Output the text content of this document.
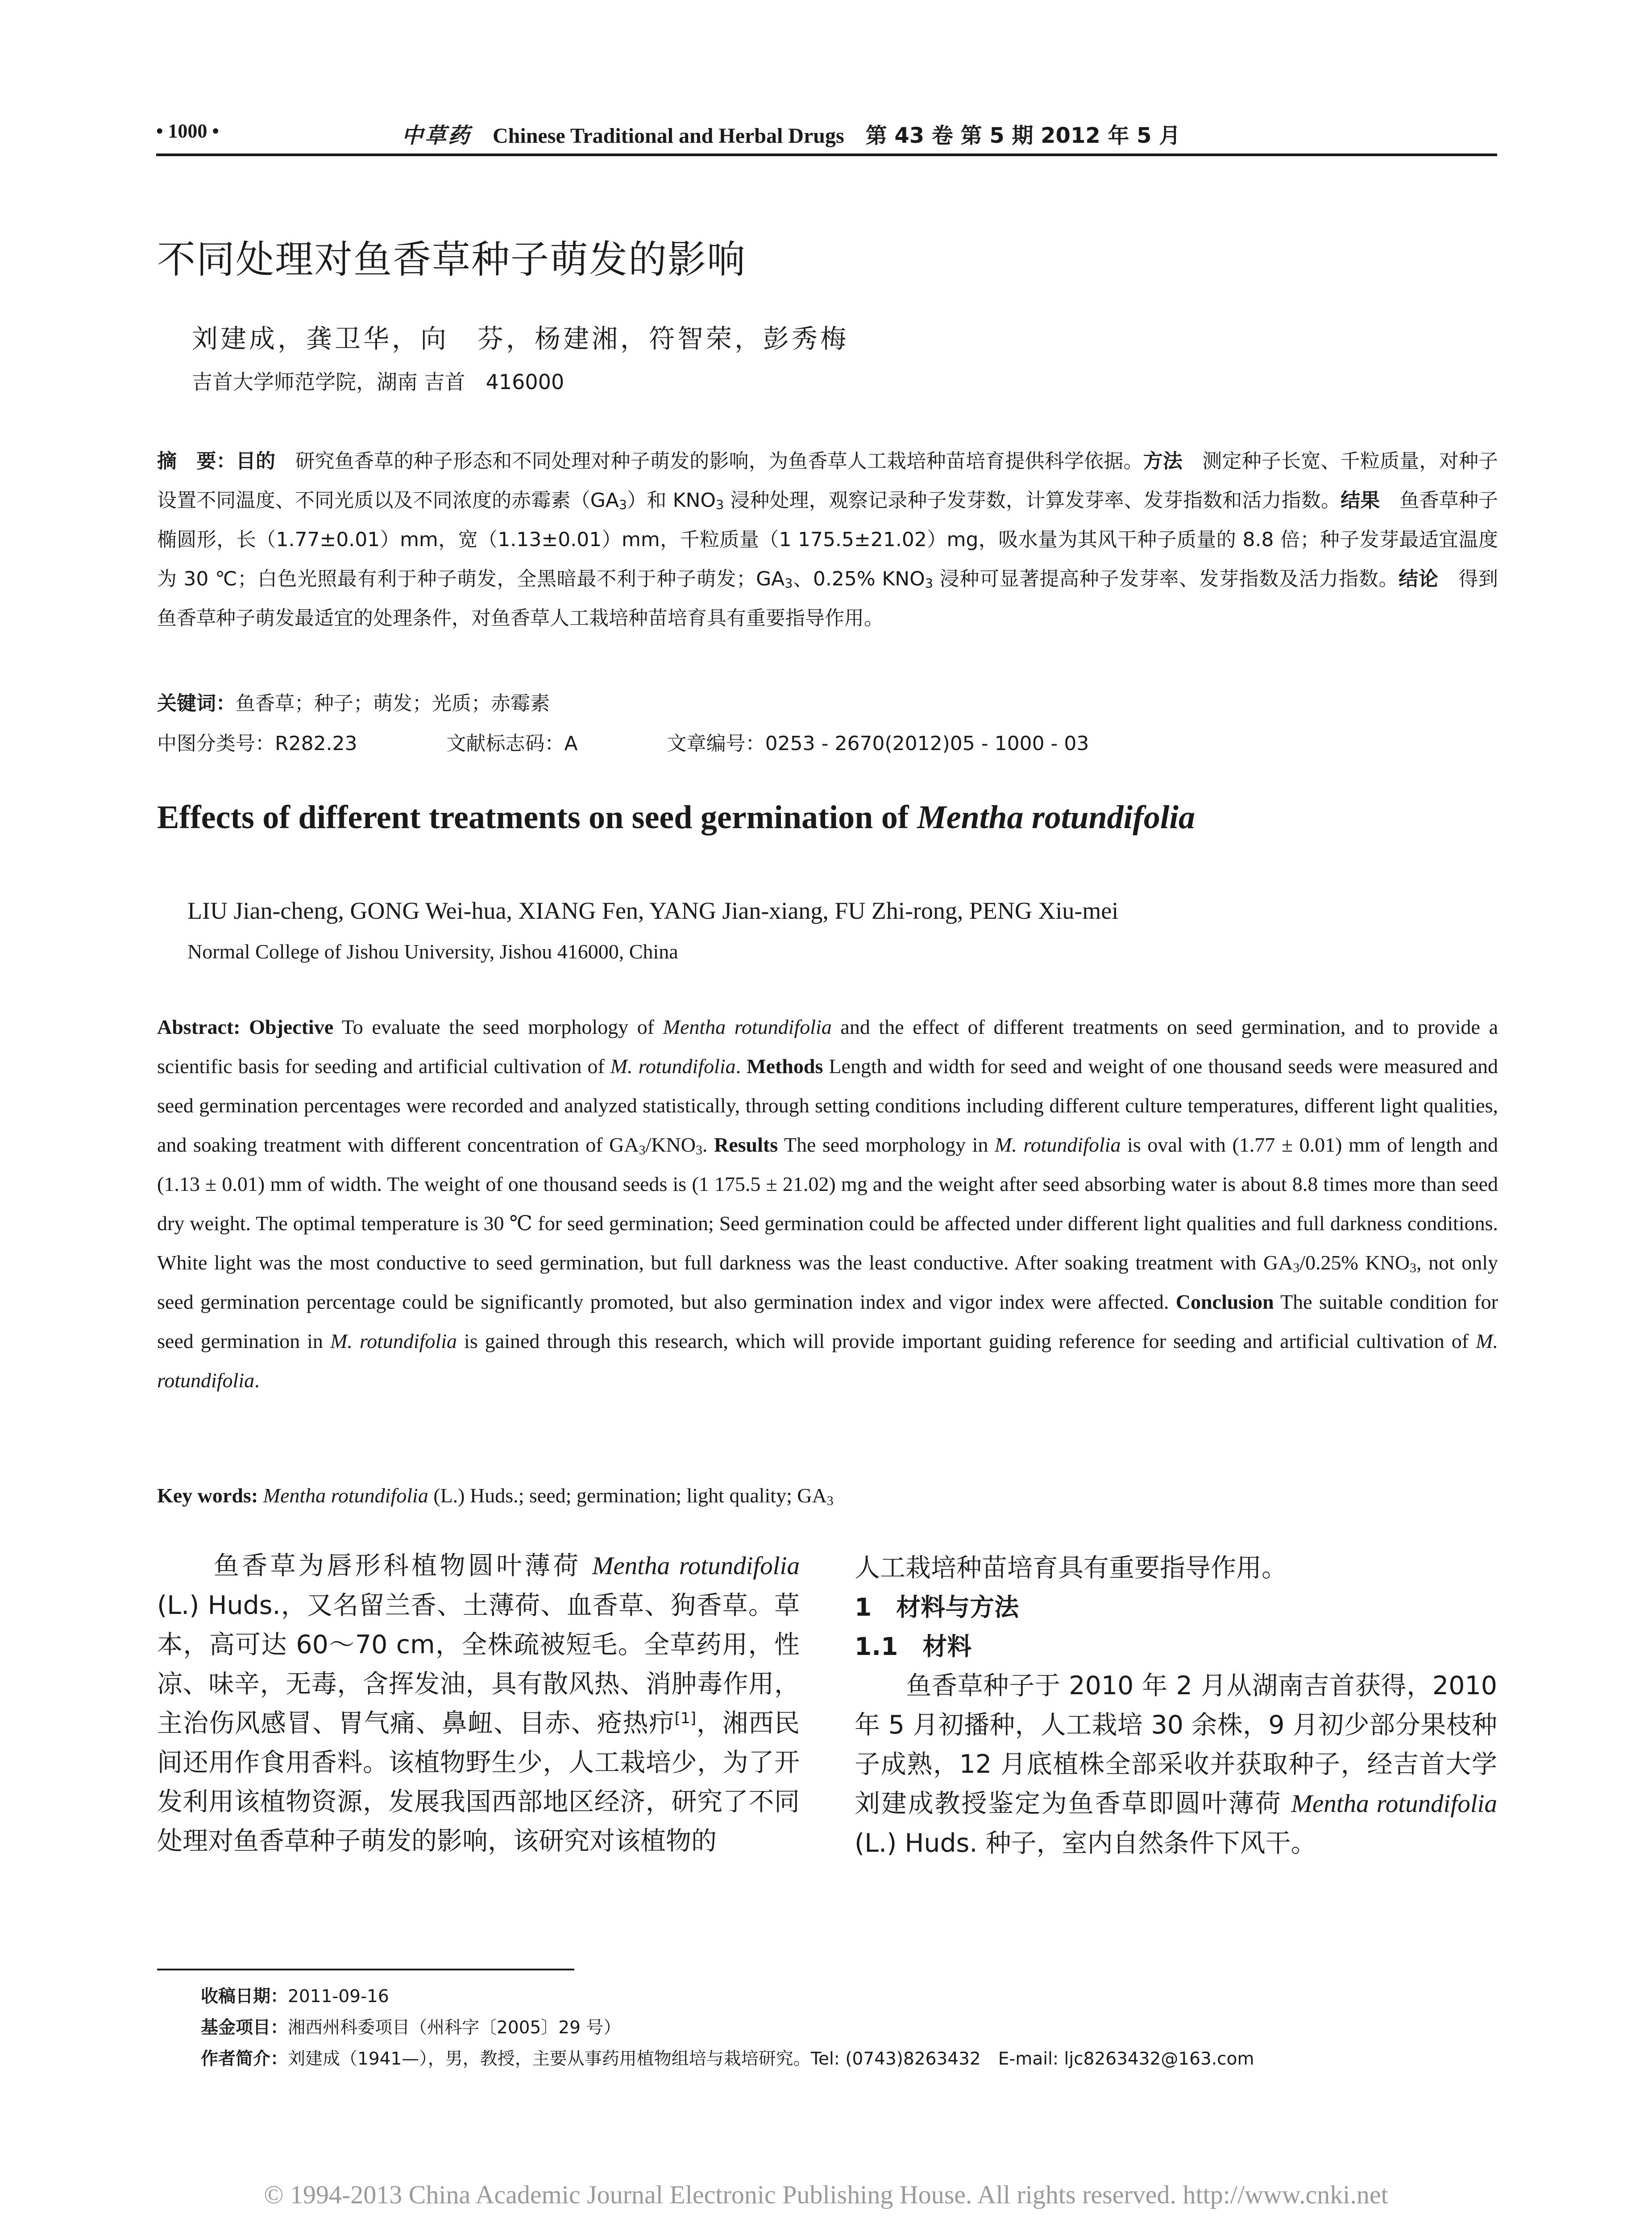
• 1000 •	中草药 Chinese Traditional and Herbal Drugs 第 43 卷 第 5 期 2012 年 5 月
不同处理对鱼香草种子萌发的影响
刘建成，龚卫华，向　芬，杨建湘，符智荣，彭秀梅
吉首大学师范学院，湖南 吉首　416000
摘　要：目的　研究鱼香草的种子形态和不同处理对种子萌发的影响，为鱼香草人工栽培种苗培育提供科学依据。方法　测定种子长宽、千粒质量，对种子设置不同温度、不同光质以及不同浓度的赤霉素$(GA_3)$和 $KNO_3$ 浸种处理，观察记录种子发芽数，计算发芽率、发芽指数和活力指数。结果　鱼香草种子椭圆形，长（1.77±0.01）mm，宽（1.13±0.01）mm，千粒质量（1 175.5±21.02）mg，吸水量为其风干种子质量的 8.8 倍；种子发芽最适宜温度为 30 ℃；白色光照最有利于种子萌发，全黑暗最不利于种子萌发；$GA_3$、0.25% $KNO_3$ 浸种可显著提高种子发芽率、发芽指数及活力指数。结论　得到鱼香草种子萌发最适宜的处理条件，对鱼香草人工栽培种苗培育具有重要指导作用。
关键词：鱼香草；种子；萌发；光质；赤霉素
中图分类号：R282.23	文献标志码：A	文章编号：0253 - 2670(2012)05 - 1000 - 03
Effects of different treatments on seed germination of Mentha rotundifolia
LIU Jian-cheng, GONG Wei-hua, XIANG Fen, YANG Jian-xiang, FU Zhi-rong, PENG Xiu-mei
Normal College of Jishou University, Jishou 416000, China
Abstract: Objective To evaluate the seed morphology of Mentha rotundifolia and the effect of different treatments on seed germination, and to provide a scientific basis for seeding and artificial cultivation of M. rotundifolia. Methods Length and width for seed and weight of one thousand seeds were measured and seed germination percentages were recorded and analyzed statistically, through setting conditions including different culture temperatures, different light qualities, and soaking treatment with different concentration of $GA_3/KNO_3$. Results The seed morphology in M. rotundifolia is oval with (1.77 ± 0.01) mm of length and (1.13 ± 0.01) mm of width. The weight of one thousand seeds is (1 175.5 ± 21.02) mg and the weight after seed absorbing water is about 8.8 times more than seed dry weight. The optimal temperature is 30 ℃ for seed germination; Seed germination could be affected under different light qualities and full darkness conditions. White light was the most conductive to seed germination, but full darkness was the least conductive. After soaking treatment with $GA_3/0.25\%$ $KNO_3$, not only seed germination percentage could be significantly promoted, but also germination index and vigor index were affected. Conclusion The suitable condition for seed germination in M. rotundifolia is gained through this research, which will provide important guiding reference for seeding and artificial cultivation of M. rotundifolia.
Key words: Mentha rotundifolia (L.) Huds.; seed; germination; light quality; $GA_3$
　　鱼香草为唇形科植物圆叶薄荷 Mentha rotundifolia (L.) Huds.，又名留兰香、土薄荷、血香草、狗香草。草本，高可达 60～70 cm，全株疏被短毛。全草药用，性凉、味辛，无毒，含挥发油，具有散风热、消肿毒作用，主治伤风感冒、胃气痛、鼻衄、目赤、疮热疖[1]，湘西民间还用作食用香料。该植物野生少，人工栽培少，为了开发利用该植物资源，发展我国西部地区经济，研究了不同处理对鱼香草种子萌发的影响，该研究对该植物的
人工栽培种苗培育具有重要指导作用。
1　材料与方法
1.1　材料
　　鱼香草种子于 2010 年 2 月从湖南吉首获得，2010 年 5 月初播种，人工栽培 30 余株，9 月初少部分果枝种子成熟，12 月底植株全部采收并获取种子，经吉首大学刘建成教授鉴定为鱼香草即圆叶薄荷 Mentha rotundifolia (L.) Huds. 种子，室内自然条件下风干。
收稿日期：2011-09-16
基金项目：湘西州科委项目（州科字〔2005〕29 号）
作者简介：刘建成（1941—），男，教授，主要从事药用植物组培与栽培研究。Tel: (0743)8263432　E-mail: ljc8263432@163.com
© 1994-2013 China Academic Journal Electronic Publishing House. All rights reserved. http://www.cnki.net
